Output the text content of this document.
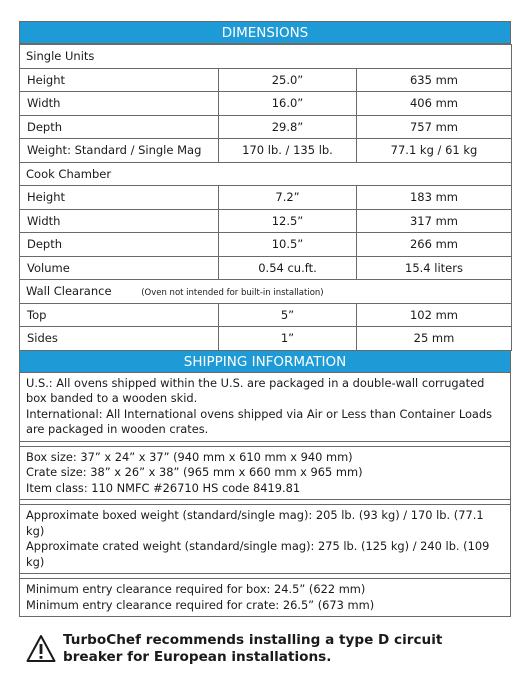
DIMENSIONS
Single Units		
Height	25.0”	635 mm
Width	16.0”	406 mm
Depth	29.8”	757 mm
Weight: Standard / Single Mag	170 lb. / 135 lb.	77.1 kg / 61 kg
Cook Chamber		
Height	7.2”	183 mm
Width	12.5”	317 mm
Depth	10.5”	266 mm
Volume	0.54 cu.ft.	15.4 liters
Wall Clearance (Oven not intended for built-in installation)		
Top	5”	102 mm
Sides	1”	25 mm
SHIPPING INFORMATION

U.S.: All ovens shipped within the U.S. are packaged in a double-wall corrugated box banded to a wooden skid.

International: All International ovens shipped via Air or Less than Container Loads are packaged in wooden crates.

Box size: 37” x 24” x 37” (940 mm x 610 mm x 940 mm)

Crate size: 38” x 26” x 38” (965 mm x 660 mm x 965 mm)

Item class: 110 NMFC #26710 HS code 8419.81

Approximate boxed weight (standard/single mag): 205 lb. (93 kg) / 170 lb. (77.1 kg)

Approximate crated weight (standard/single mag): 275 lb. (125 kg) / 240 lb. (109 kg)

Minimum entry clearance required for box: 24.5” (622 mm)

Minimum entry clearance required for crate: 26.5” (673 mm)

TurboChef recommends installing a type D circuit breaker for European installations.
